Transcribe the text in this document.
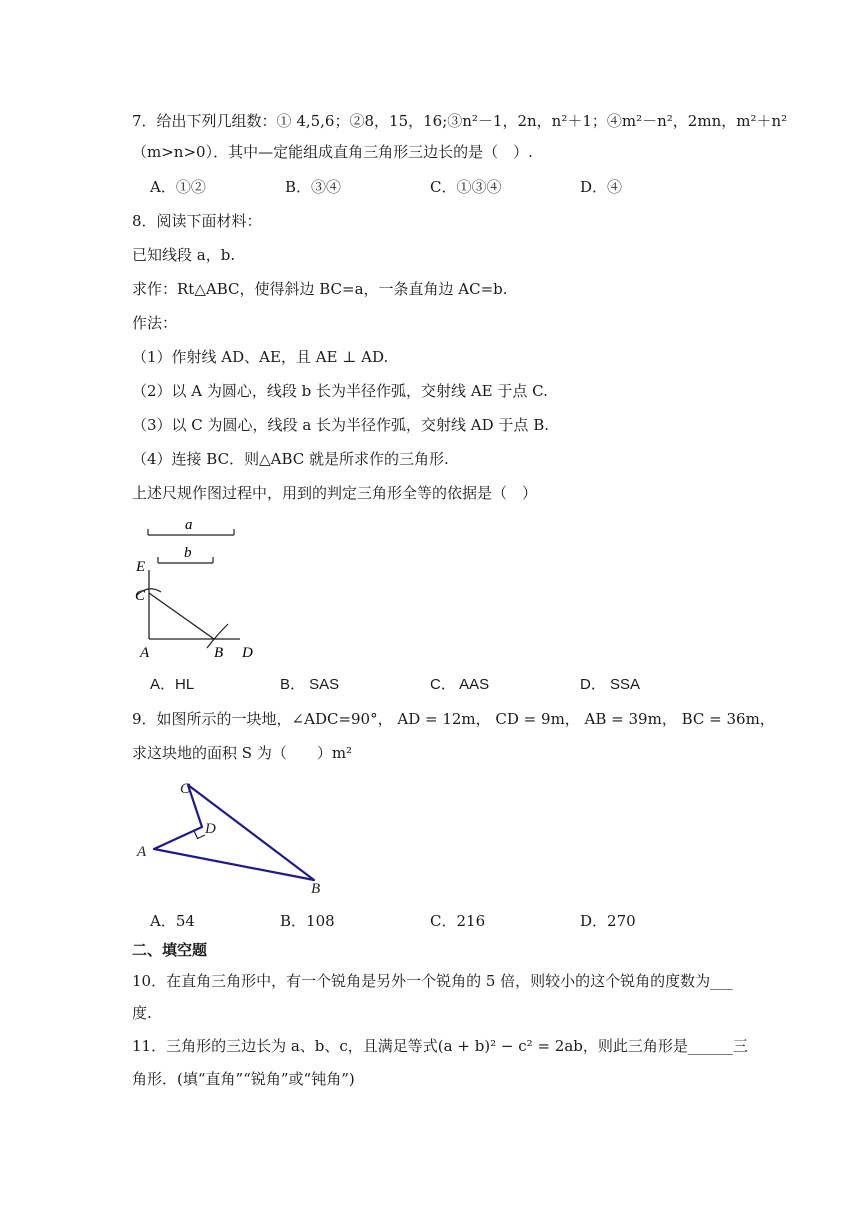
7．给出下列几组数：① 4,5,6；②8，15，16;③n²－1，2n，n²＋1；④m²－n²，2mn，m²＋n²
（m>n>0）．其中—定能组成直角三角形三边长的是（　）.
A．①②	B．③④	C．①③④	D．④
8．阅读下面材料：
已知线段 a，b.
求作：Rt△ABC，使得斜边 BC=a，一条直角边 AC=b.
作法：
（1）作射线 AD、AE，且 AE ⊥ AD.
（2）以 A 为圆心，线段 b 长为半径作弧，交射线 AE 于点 C.
（3）以 C 为圆心，线段 a 长为半径作弧，交射线 AD 于点 B.
（4）连接 BC．则△ABC 就是所求作的三角形.
上述尺规作图过程中，用到的判定三角形全等的依据是（　）
a
b
E
C
A	B D
A．HL	B． SAS	C． AAS	D． SSA
9．如图所示的一块地，∠ADC=90°， AD = 12m， CD = 9m， AB = 39m， BC = 36m，
求这块地的面积 S 为（　　）m²
C
D
A
B
A．54	B．108	C．216	D．270
二、填空题
10．在直角三角形中，有一个锐角是另外一个锐角的 5 倍，则较小的这个锐角的度数为___
度.
11．三角形的三边长为 a、b、c，且满足等式(a + b)² − c² = 2ab，则此三角形是______三
角形．(填“直角”“锐角”或“钝角”)
